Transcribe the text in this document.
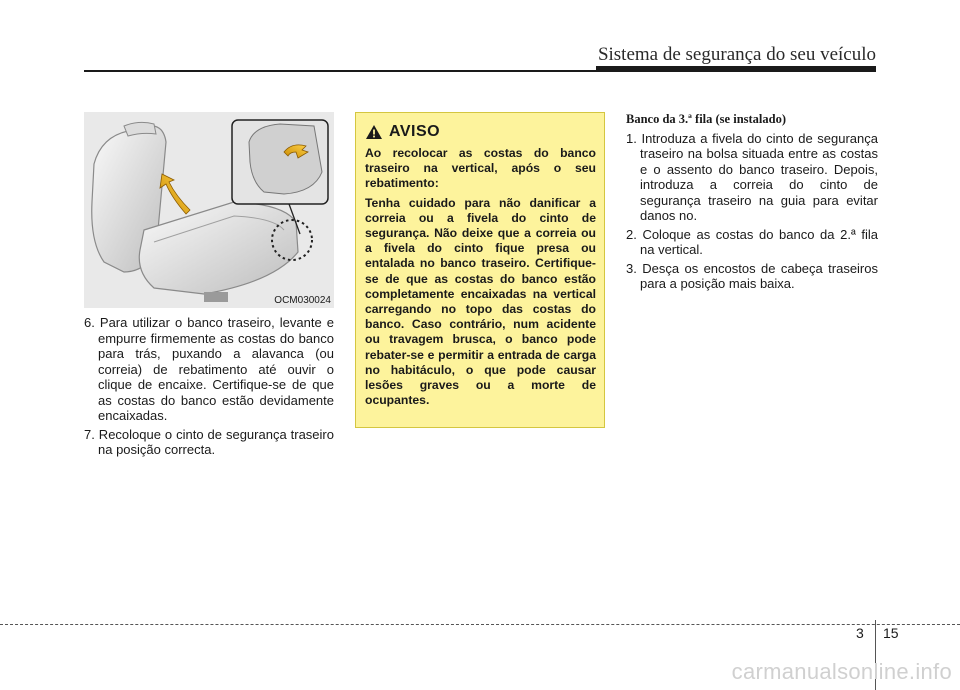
Sistema de segurança do seu veículo
OCM030024
6. Para utilizar o banco traseiro, levante e empurre firmemente as costas do banco para trás, puxando a alavanca (ou correia) de rebatimento até ouvir o clique de encaixe. Certifique-se de que as costas do banco estão devidamente encaixadas.
7. Recoloque o cinto de segurança traseiro na posição correcta.
AVISO

Ao recolocar as costas do banco traseiro na vertical, após o seu rebatimento:

Tenha cuidado para não danificar a correia ou a fivela do cinto de segurança. Não deixe que a correia ou a fivela do cinto fique presa ou entalada no banco traseiro. Certifique-se de que as costas do banco estão completamente encaixadas na vertical carregando no topo das costas do banco. Caso contrário, num acidente ou travagem brusca, o banco pode rebater-se e permitir a entrada de carga no habitáculo, o que pode causar lesões graves ou a morte de ocupantes.

Banco da 3.ª fila (se instalado)
1. Introduza a fivela do cinto de segurança traseiro na bolsa situada entre as costas e o assento do banco traseiro. Depois, introduza a correia do cinto de segurança traseiro na guia para evitar danos no.
2. Coloque as costas do banco da 2.ª fila na vertical.
3. Desça os encostos de cabeça traseiros para a posição mais baixa.
3 15
carmanualsonline.info
